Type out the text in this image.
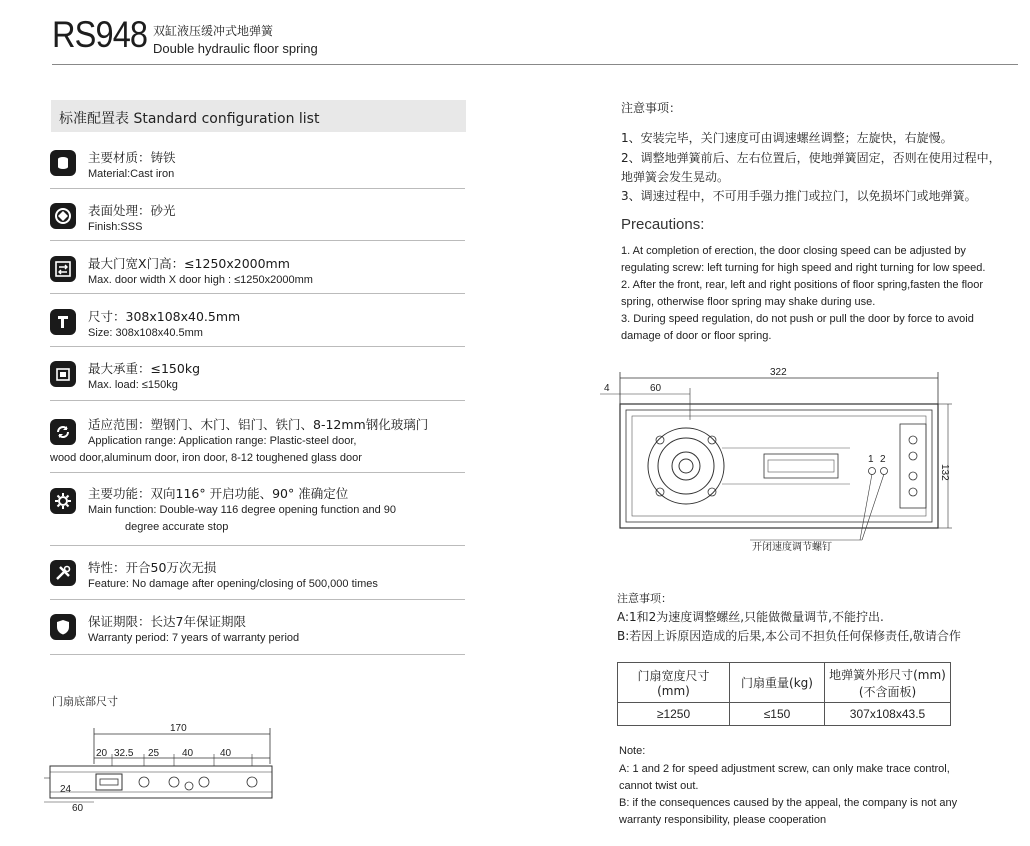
RS948 双缸液压缓冲式地弹簧
Double hydraulic floor spring
标准配置表 Standard configuration list
主要材质：铸铁
Material:Cast iron
表面处理：砂光
Finish:SSS
最大门宽X门高：≤1250x2000mm
Max. door width X door high : ≤1250x2000mm
尺寸：308x108x40.5mm
Size: 308x108x40.5mm
最大承重：≤150kg
Max. load: ≤150kg
适应范围：塑钢门、木门、铝门、铁门、8-12mm钢化玻璃门
Application range: Application range: Plastic-steel door,
wood door,aluminum door, iron door, 8-12 toughened glass door
主要功能：双向116° 开启功能、90° 准确定位
Main function: Double-way 116 degree opening function and 90
degree accurate stop
特性：开合50万次无损
Feature: No damage after opening/closing of 500,000 times
保证期限：长达7年保证期限
Warranty period: 7 years of warranty period
门扇底部尺寸
170
20 32.5 25 40	40
24
60
注意事项：
1、安装完毕，关门速度可由调速螺丝调整；左旋快，右旋慢。
2、调整地弹簧前后、左右位置后，使地弹簧固定，否则在使用过程中，
地弹簧会发生晃动。
3、调速过程中，不可用手强力推门或拉门，以免损坏门或地弹簧。
Precautions:
1. At completion of erection, the door closing speed can be adjusted by
regulating screw: left turning for high speed and right turning for low speed.
2. After the front, rear, left and right positions of floor spring,fasten the floor
spring, otherwise floor spring may shake during use.
3. During speed regulation, do not push or pull the door by force to avoid
damage of door or floor spring.
322
4	60
1 2
132
开闭速度调节螺钉
注意事项：
A:1和2为速度调整螺丝,只能做微量调节,不能拧出.
B:若因上诉原因造成的后果,本公司不担负任何保修责任,敬请合作
门扇宽度尺寸(mm)	门扇重量(kg)	地弹簧外形尺寸(mm)
(不含面板)

≥1250	≤150	307x108x43.5
Note:
A: 1 and 2 for speed adjustment screw, can only make trace control,
cannot twist out.
B: if the consequences caused by the appeal, the company is not any
warranty responsibility, please cooperation
